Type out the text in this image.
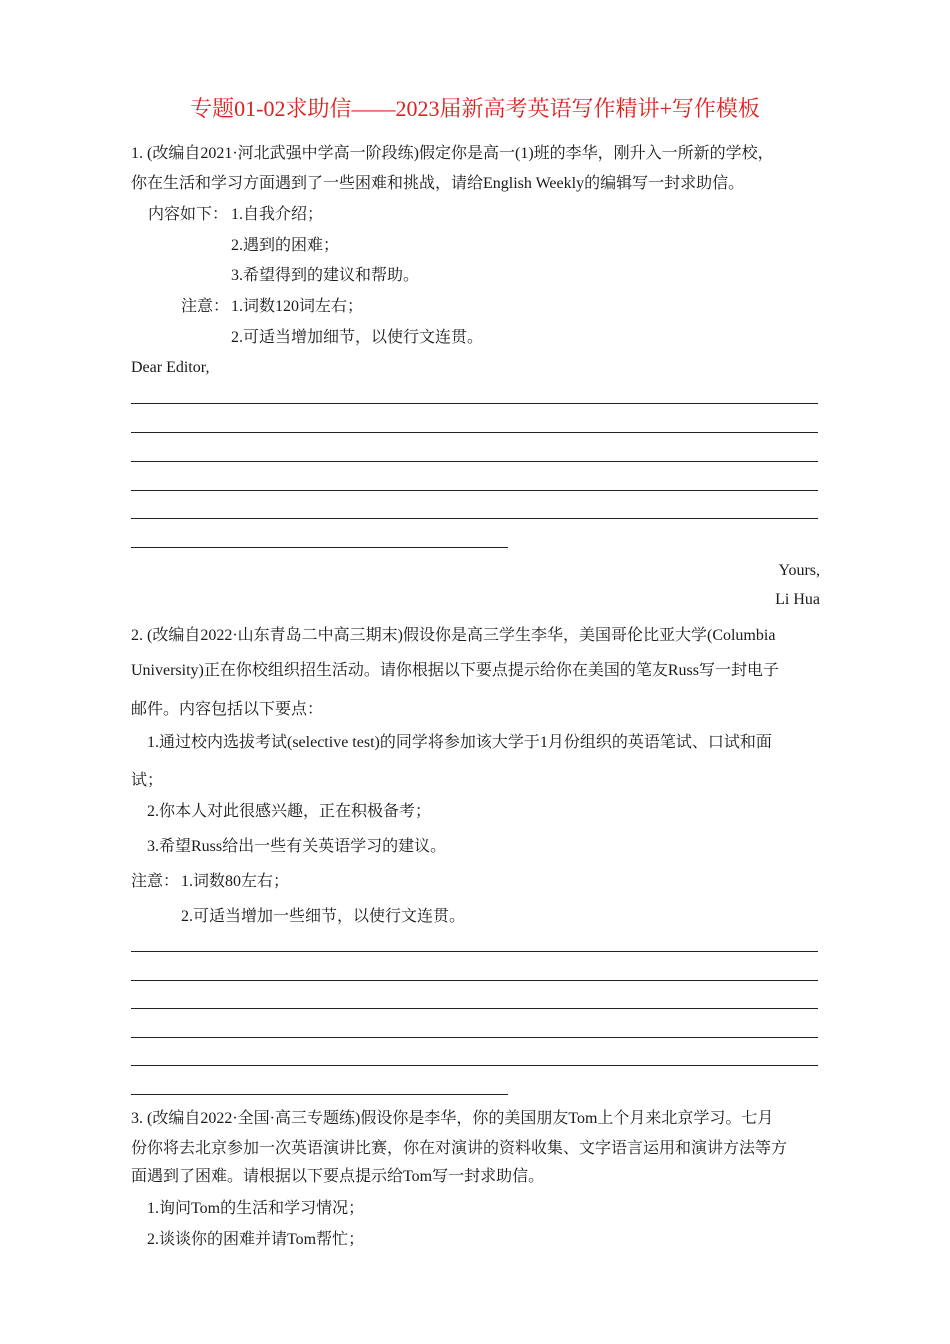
专题01-02求助信——2023届新高考英语写作精讲+写作模板
1. (改编自2021·河北武强中学高一阶段练)假定你是高一(1)班的李华，刚升入一所新的学校，
你在生活和学习方面遇到了一些困难和挑战，请给English Weekly的编辑写一封求助信。
内容如下： 1.自我介绍；
2.遇到的困难；
3.希望得到的建议和帮助。
注意： 1.词数120词左右；
2.可适当增加细节，以使行文连贯。
Dear Editor,
Yours,
Li Hua
2. (改编自2022·山东青岛二中高三期末)假设你是高三学生李华，美国哥伦比亚大学(Columbia
University)正在你校组织招生活动。请你根据以下要点提示给你在美国的笔友Russ写一封电子
邮件。内容包括以下要点：
1.通过校内选拔考试(selective test)的同学将参加该大学于1月份组织的英语笔试、口试和面
试；
2.你本人对此很感兴趣，正在积极备考；
3.希望Russ给出一些有关英语学习的建议。
注意： 1.词数80左右；
2.可适当增加一些细节，以使行文连贯。
3. (改编自2022·全国·高三专题练)假设你是李华，你的美国朋友Tom上个月来北京学习。七月
份你将去北京参加一次英语演讲比赛，你在对演讲的资料收集、文字语言运用和演讲方法等方
面遇到了困难。请根据以下要点提示给Tom写一封求助信。
1.询问Tom的生活和学习情况；
2.谈谈你的困难并请Tom帮忙；
